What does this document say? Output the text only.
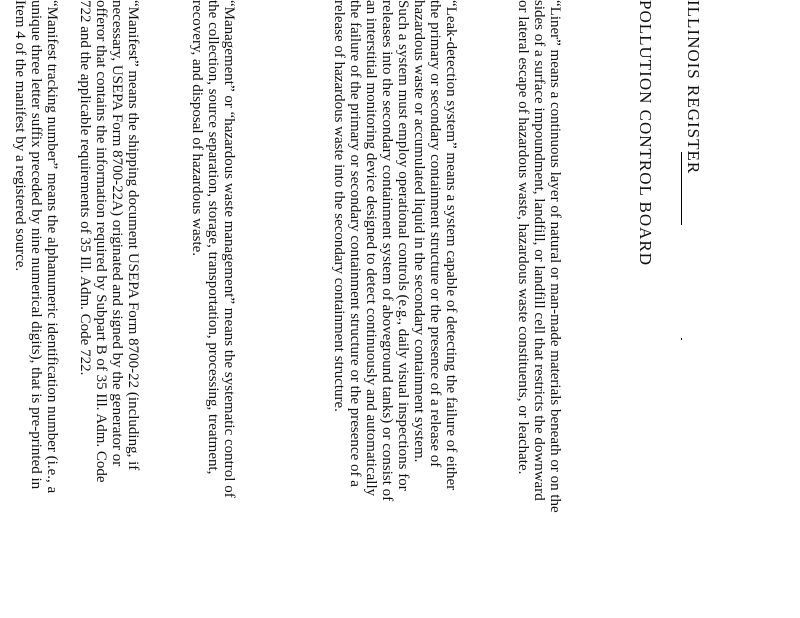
ILLINOIS REGISTER
POLLUTION CONTROL BOARD
“Liner” means a continuous layer of natural or man-made materials beneath or on the
sides of a surface impoundment, landfill, or landfill cell that restricts the downward
or lateral escape of hazardous waste, hazardous waste constituents, or leachate.
“Leak-detection system” means a system capable of detecting the failure of either
the primary or secondary containment structure or the presence of a release of
hazardous waste or accumulated liquid in the secondary containment system.
Such a system must employ operational controls (e.g., daily visual inspections for
releases into the secondary containment system of aboveground tanks) or consist of
an interstitial monitoring device designed to detect continuously and automatically
the failure of the primary or secondary containment structure or the presence of a
release of hazardous waste into the secondary containment structure.
“Management” or “hazardous waste management” means the systematic control of
the collection, source separation, storage, transportation, processing, treatment,
recovery, and disposal of hazardous waste.
“Manifest” means the shipping document USEPA Form 8700-22 (including, if
necessary, USEPA Form 8700-22A) originated and signed by the generator or
offeror that contains the information required by Subpart B of 35 Ill. Adm. Code
722 and the applicable requirements of 35 Ill. Adm. Code 722.
“Manifest tracking number” means the alphanumeric identification number (i.e., a
unique three letter suffix preceded by nine numerical digits), that is pre-printed in
Item 4 of the manifest by a registered source.
